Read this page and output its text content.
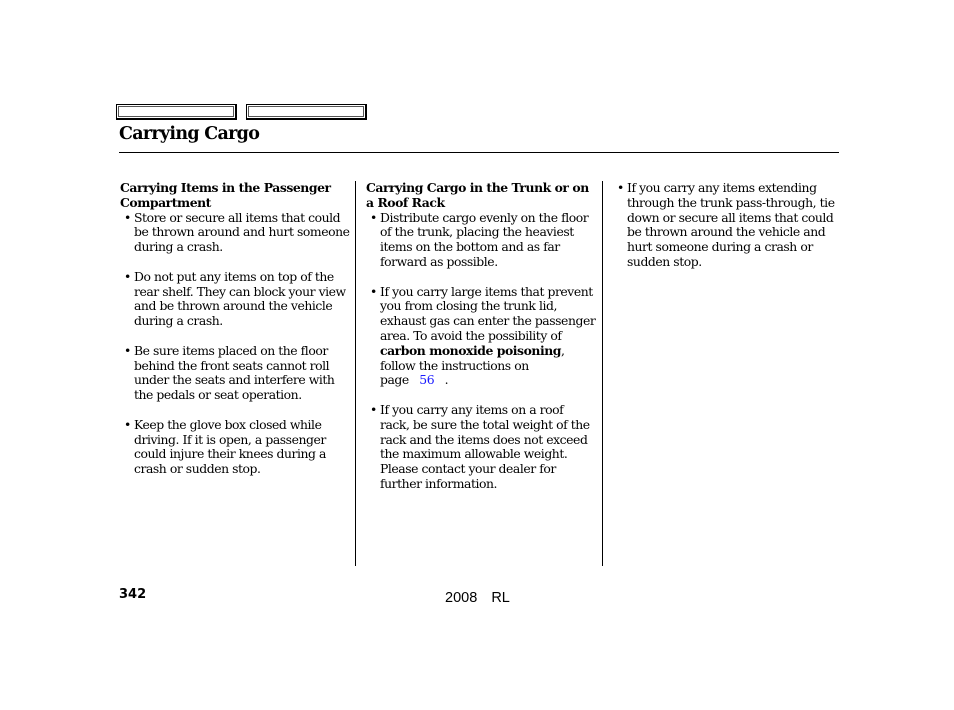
Carrying Cargo
Carrying Items in the Passenger Compartment
• Store or secure all items that could be thrown around and hurt someone during a crash.
• Do not put any items on top of the rear shelf. They can block your view and be thrown around the vehicle during a crash.
• Be sure items placed on the floor behind the front seats cannot roll under the seats and interfere with the pedals or seat operation.
• Keep the glove box closed while driving. If it is open, a passenger could injure their knees during a crash or sudden stop.
Carrying Cargo in the Trunk or on a Roof Rack
• Distribute cargo evenly on the floor of the trunk, placing the heaviest items on the bottom and as far forward as possible.
• If you carry large items that prevent you from closing the trunk lid, exhaust gas can enter the passenger area. To avoid the possibility of carbon monoxide poisoning, follow the instructions on page 56 .
• If you carry any items on a roof rack, be sure the total weight of the rack and the items does not exceed the maximum allowable weight. Please contact your dealer for further information.
• If you carry any items extending through the trunk pass-through, tie down or secure all items that could be thrown around the vehicle and hurt someone during a crash or sudden stop.
342	2008  RL
